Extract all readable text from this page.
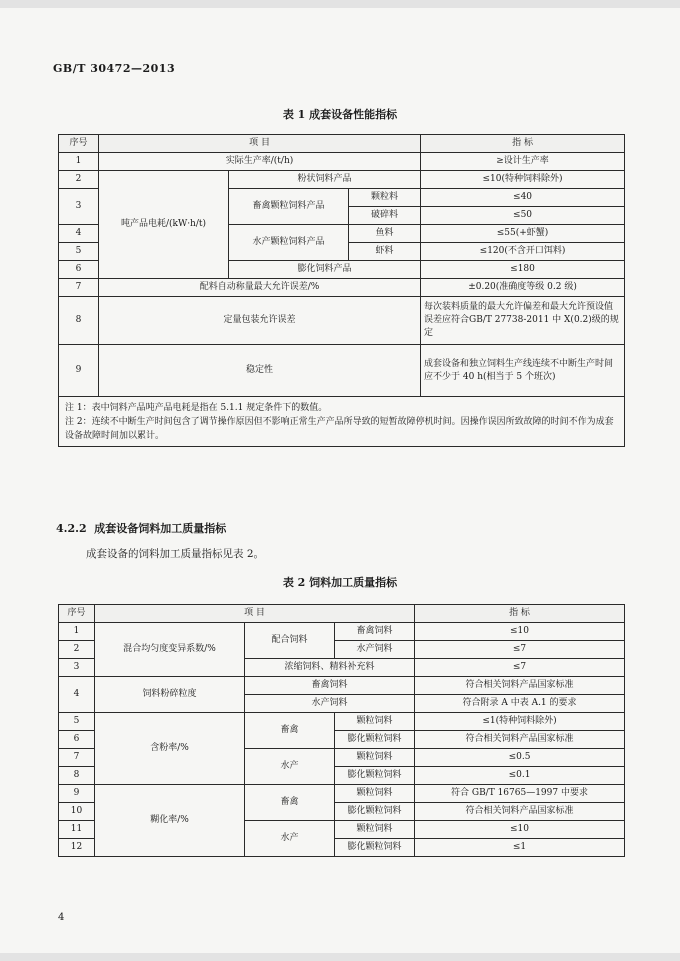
GB/T 30472—2013
表 1 成套设备性能指标
序号	项 目			指 标
1	实际生产率/(t/h)			≥设计生产率
2	吨产品电耗/(kW·h/t)	粉状饲料产品		≤10(特种饲料除外)
3		畜禽颗粒饲料产品	颗粒料	≤40
			破碎料	≤50
4		水产颗粒饲料产品	鱼料	≤55(+虾蟹)
5			虾料	≤120(不含开口饵料)
6		膨化饲料产品		≤180
7	配料自动称量最大允许误差/%			±0.20(准确度等级 0.2 级)
8	定量包装允许误差			每次装料质量的最大允许偏差和最大允许预设值误差应符合GB/T 27738-2011 中 X(0.2)级的规定
9	稳定性			成套设备和独立饲料生产线连续不中断生产时间应不少于 40 h(相当于 5 个班次)

注 1：表中饲料产品吨产品电耗是指在 5.1.1 规定条件下的数值。
注 2：连续不中断生产时间包含了调节操作原因但不影响正常生产产品所导致的短暂故障停机时间。因操作误因所致故障的时间不作为成套设备故障时间加以累计。				
4.2.2 成套设备饲料加工质量指标
成套设备的饲料加工质量指标见表 2。
表 2 饲料加工质量指标
序号	项 目			指 标
1	混合均匀度变异系数/%	配合饲料	畜禽饲料	≤10
2			水产饲料	≤7
3		浓缩饲料、精料补充料		≤7
4	饲料粉碎粒度	畜禽饲料		符合相关饲料产品国家标准
		水产饲料		符合附录 A 中表 A.1 的要求
5	含粉率/%	畜禽	颗粒饲料	≤1(特种饲料除外)
6			膨化颗粒饲料	符合相关饲料产品国家标准
7		水产	颗粒饲料	≤0.5
8			膨化颗粒饲料	≤0.1
9	糊化率/%	畜禽	颗粒饲料	符合 GB/T 16765—1997 中要求
10			膨化颗粒饲料	符合相关饲料产品国家标准
11		水产	颗粒饲料	≤10
12			膨化颗粒饲料	≤1
4
